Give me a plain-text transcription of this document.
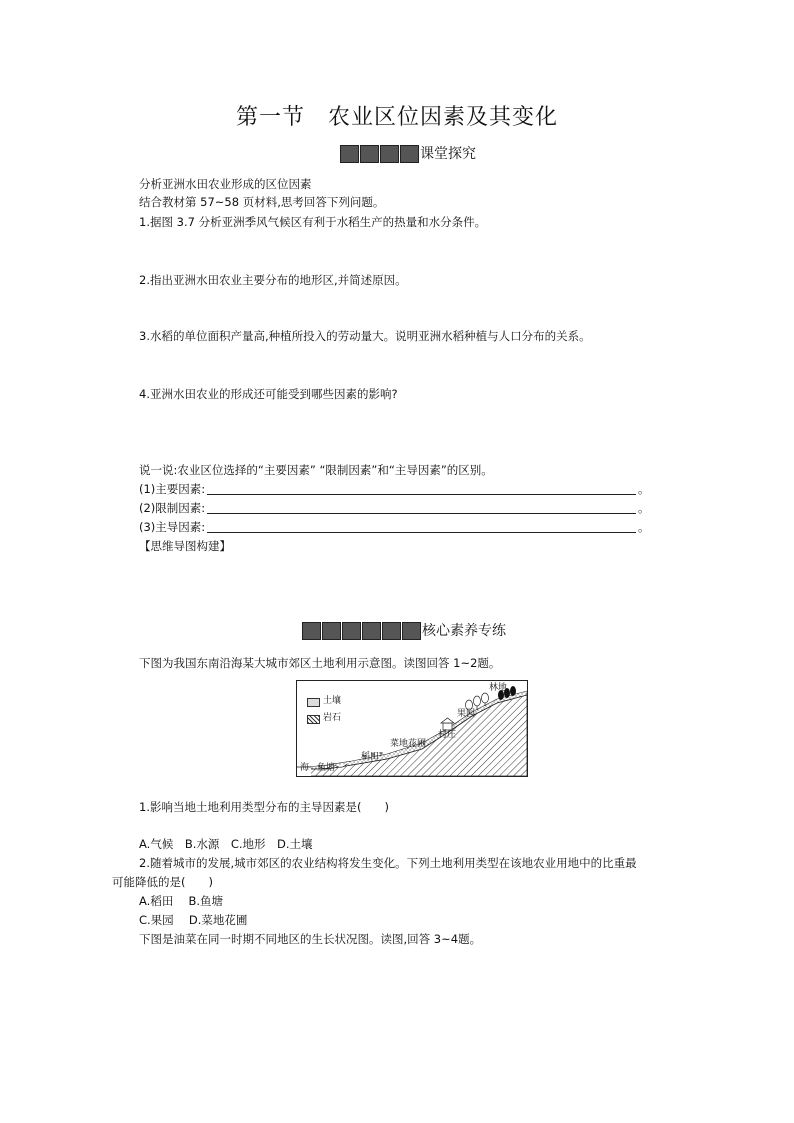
第一节　农业区位因素及其变化
课堂探究
分析亚洲水田农业形成的区位因素
结合教材第 57~58 页材料,思考回答下列问题。
1.据图 3.7 分析亚洲季风气候区有利于水稻生产的热量和水分条件。
2.指出亚洲水田农业主要分布的地形区,并简述原因。
3.水稻的单位面积产量高,种植所投入的劳动量大。说明亚洲水稻种植与人口分布的关系。
4.亚洲水田农业的形成还可能受到哪些因素的影响?
说一说:农业区位选择的“主要因素” “限制因素”和“主导因素”的区别。
(1)主要因素:	。
(2)限制因素:	。
(3)主导因素:	。
【思维导图构建】
核心素养专练
下图为我国东南沿海某大城市郊区土地利用示意图。读图回答 1~2题。
土壤
岩石
林地
果园
村庄
菜地花圃
稻田
海 鱼塘
1.影响当地土地利用类型分布的主导因素是(　　)
A.气候　B.水源　C.地形　D.土壤
2.随着城市的发展,城市郊区的农业结构将发生变化。下列土地利用类型在该地农业用地中的比重最
可能降低的是(　　)
A.稻田　 B.鱼塘
C.果园　 D.菜地花圃
下图是油菜在同一时期不同地区的生长状况图。读图,回答 3~4题。
